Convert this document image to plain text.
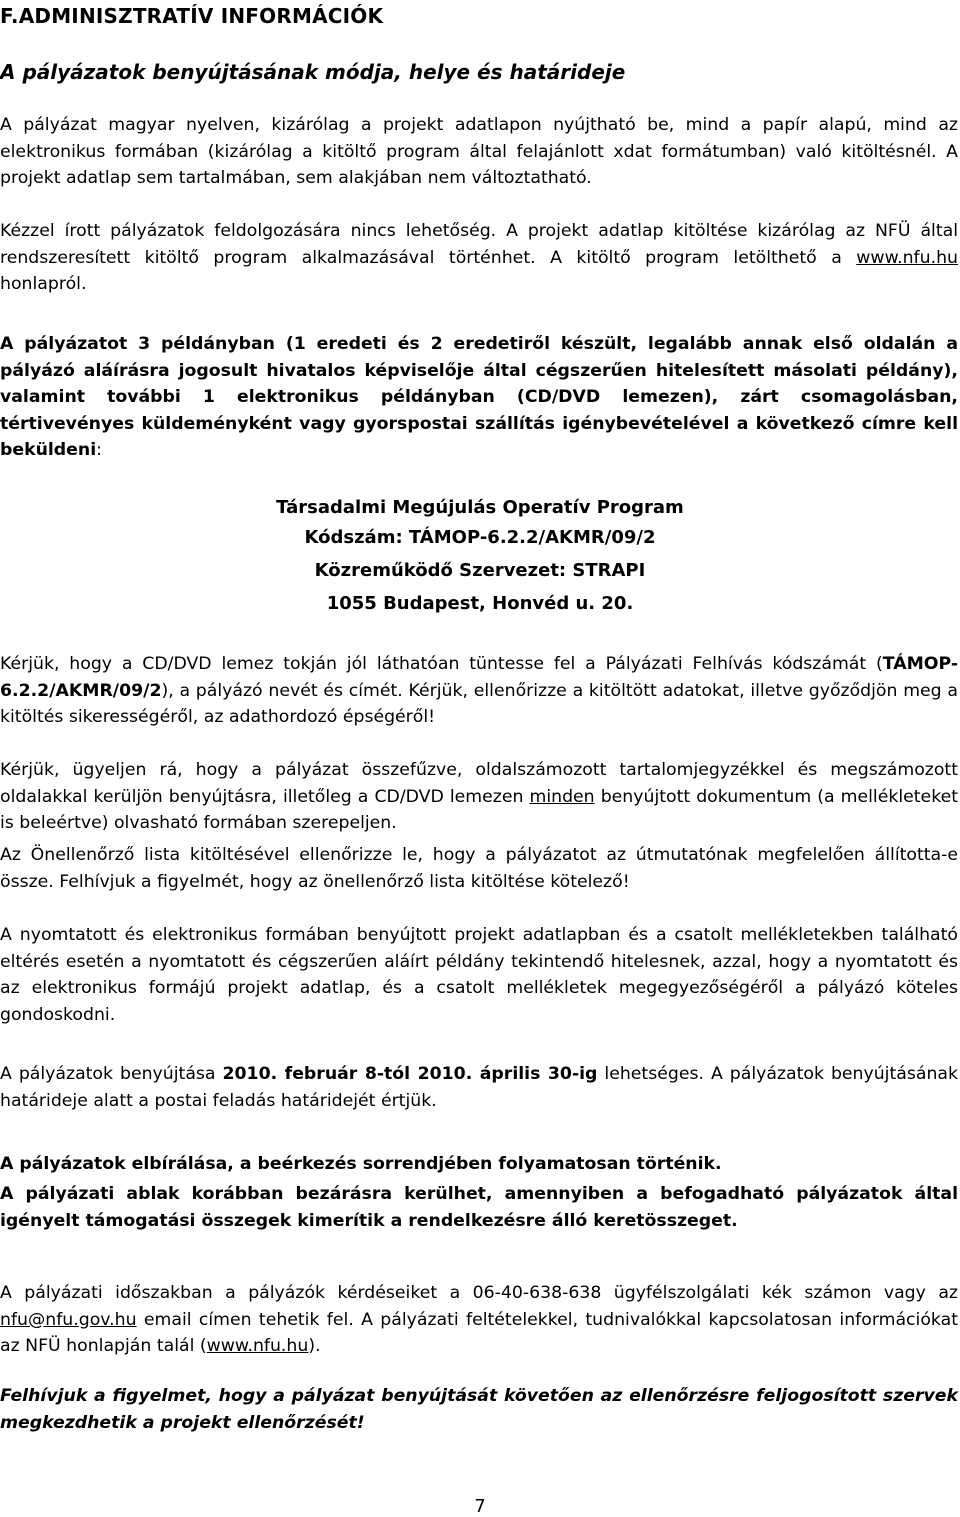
F.ADMINISZTRATÍV INFORMÁCIÓK
A pályázatok benyújtásának módja, helye és határideje

A pályázat magyar nyelven, kizárólag a projekt adatlapon nyújtható be, mind a papír alapú, mind az elektronikus formában (kizárólag a kitöltő program által felajánlott xdat formátumban) való kitöltésnél. A projekt adatlap sem tartalmában, sem alakjában nem változtatható.

Kézzel írott pályázatok feldolgozására nincs lehetőség. A projekt adatlap kitöltése kizárólag az NFÜ által rendszeresített kitöltő program alkalmazásával történhet. A kitöltő program letölthető a www.nfu.hu honlapról.

A pályázatot 3 példányban (1 eredeti és 2 eredetiről készült, legalább annak első oldalán a pályázó aláírásra jogosult hivatalos képviselője által cégszerűen hitelesített másolati példány), valamint további 1 elektronikus példányban (CD/DVD lemezen), zárt csomagolásban, tértivevényes küldeményként vagy gyorspostai szállítás igénybevételével a következő címre kell beküldeni:

Társadalmi Megújulás Operatív Program
Kódszám: TÁMOP-6.2.2/AKMR/09/2
Közreműködő Szervezet: STRAPI
1055 Budapest, Honvéd u. 20.

Kérjük, hogy a CD/DVD lemez tokján jól láthatóan tüntesse fel a Pályázati Felhívás kódszámát (TÁMOP-6.2.2/AKMR/09/2), a pályázó nevét és címét. Kérjük, ellenőrizze a kitöltött adatokat, illetve győződjön meg a kitöltés sikerességéről, az adathordozó épségéről!

Kérjük, ügyeljen rá, hogy a pályázat összefűzve, oldalszámozott tartalomjegyzékkel és megszámozott oldalakkal kerüljön benyújtásra, illetőleg a CD/DVD lemezen minden benyújtott dokumentum (a mellékleteket is beleértve) olvasható formában szerepeljen.

Az Önellenőrző lista kitöltésével ellenőrizze le, hogy a pályázatot az útmutatónak megfelelően állította-e össze. Felhívjuk a figyelmét, hogy az önellenőrző lista kitöltése kötelező!

A nyomtatott és elektronikus formában benyújtott projekt adatlapban és a csatolt mellékletekben található eltérés esetén a nyomtatott és cégszerűen aláírt példány tekintendő hitelesnek, azzal, hogy a nyomtatott és az elektronikus formájú projekt adatlap, és a csatolt mellékletek megegyezőségéről a pályázó köteles gondoskodni.

A pályázatok benyújtása 2010. február 8-tól 2010. április 30-ig lehetséges. A pályázatok benyújtásának határideje alatt a postai feladás határidejét értjük.

A pályázatok elbírálása, a beérkezés sorrendjében folyamatosan történik.

A pályázati ablak korábban bezárásra kerülhet, amennyiben a befogadható pályázatok által igényelt támogatási összegek kimerítik a rendelkezésre álló keretösszeget.

A pályázati időszakban a pályázók kérdéseiket a 06-40-638-638 ügyfélszolgálati kék számon vagy az nfu@nfu.gov.hu email címen tehetik fel. A pályázati feltételekkel, tudnivalókkal kapcsolatosan információkat az NFÜ honlapján talál (www.nfu.hu).

Felhívjuk a figyelmet, hogy a pályázat benyújtását követően az ellenőrzésre feljogosított szervek megkezdhetik a projekt ellenőrzését!

7
